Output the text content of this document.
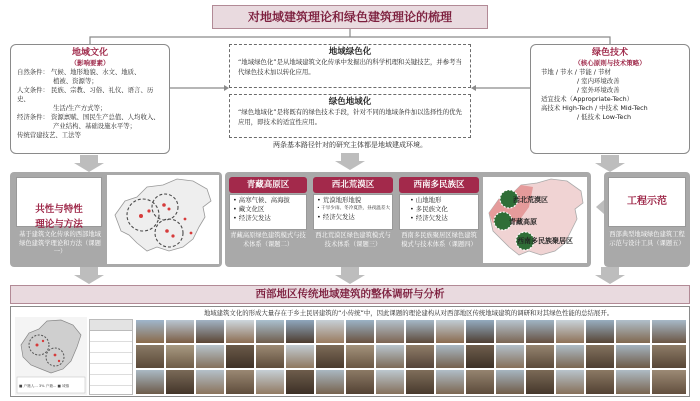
对地域建筑理论和绿色建筑理论的梳理
地域文化
（影响要素）
自然条件： 气候、地形地貌、水文、地质、
植被、资源等；
人文条件： 民族、宗教、习俗、礼仪、语言、历史、
生活/生产方式等；
经济条件： 资源禀赋、国民生产总值、人均收入、
产业结构、基础设施水平等；
传统营建技艺、工法等
地域绿色化
“地域绿色化”是从地域建筑文化传承中发掘出的科学机理和关键技艺，并参考当代绿色技术加以转化应用。
绿色地域化
“绿色地域化”是将既有的绿色技术手段，针对不同的地域条件加以选择性的优先应用，即技术的适宜性应用。
两条基本路径针对的研究主体都是地域建成环境。
绿色技术
（核心原则与技术策略）
节地 / 节水 / 节能 / 节材
/ 室内环境改善
/ 室外环境改善
适宜技术（Appropriate-Tech）
高技术 High-Tech / 中技术 Mid-Tech
/ 低技术 Low-Tech

共性与特性
理论与方法

基于建筑文化传承的西部地域绿色建筑学理论和方法（课题一）
青藏高原区
• 高寒气候、高海拔
• 藏文化区
• 经济欠发达
青藏高原绿色建筑模式与技术体系（课题二）
西北荒漠区
• 荒漠地形地貌
• 干旱少雨、冬冷夏热，昼夜温差大
• 经济欠发达
西北荒漠区绿色建筑模式与技术体系（课题三）
西南多民族区
• 山地地形
• 多民族文化
• 经济欠发达
西南多民族聚居区绿色建筑模式与技术体系（课题四）
西北荒漠区
青藏高原
西南多民族聚居区
工程示范
西部典型地域绿色建筑工程示范与设计工具（课题五）
西部地区传统地域建筑的整体调研与分析
地域建筑文化的形成大量存在于乡土民居建筑的“小传统”中，因此课题的理论建构从对西部地区传统地域建筑的调研和对其绿色性能的总结展开。
■ 户籍人... 3% 户籍... ■ 城镇
